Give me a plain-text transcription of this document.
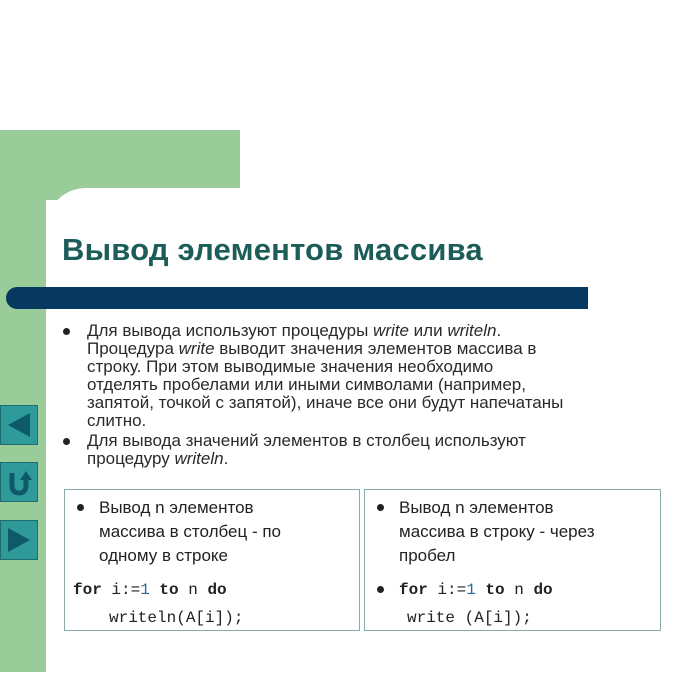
Вывод элементов массива

Для вывода используют процедуры write или writeln.
Процедура write выводит значения элементов массива в
строку. При этом выводимые значения необходимо
отделять пробелами или иными символами (например,
запятой, точкой с запятой), иначе все они будут напечатаны
слитно.

Для вывода значений элементов в столбец используют
процедуру writeln.

Вывод n элементов
массива в столбец - по
одному в строке
for i:=1 to n do
writeln(A[i]);
Вывод n элементов
массива в строку - через
пробел
for i:=1 to n do
write (A[i]);
